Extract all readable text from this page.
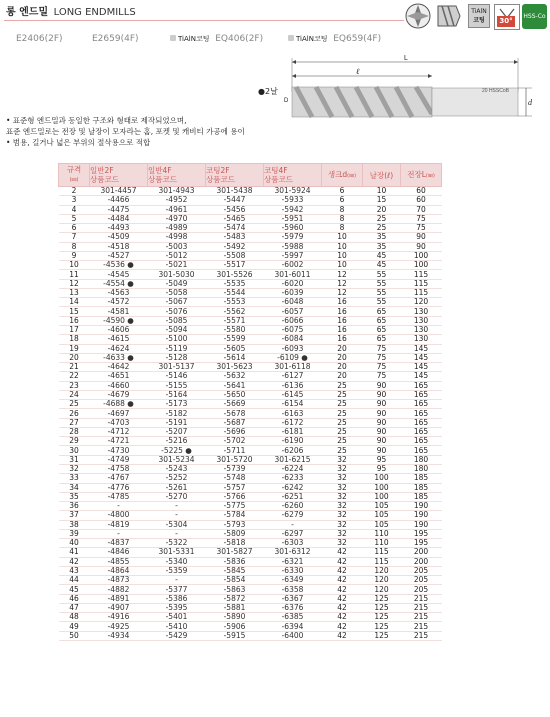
롱 엔드밀 LONG ENDMILLS	TiAlN
코팅	30°
HSS-Co
E2406(2F)	E2659(4F)	TiAlN코팅 EQ406(2F)	TiAlN코팅 EQ659(4F)
L
ℓ
20 HSSCoB
d
D
●2날
• 표준형 엔드밀과 동일한 구조와 형태로 제작되었으며,
표준 엔드밀로는 전장 및 날장이 모자라는 홈, 포켓 및 캐비티 가공에 용이
• 범용, 길거나 넓은 부위의 절삭용으로 적합
규격
(㎜)	일반2F
상품코드	일반4F
상품코드	코팅2F
상품코드	코팅4F
상품코드	생크d(㎜)	날장(ℓ)	전장L(㎜)
2	301-4457	301-4943	301-5438	301-5924	6	10	60
3	-4466	-4952	-5447	-5933	6	15	60
4	-4475	-4961	-5456	-5942	8	20	70
5	-4484	-4970	-5465	-5951	8	25	75
6	-4493	-4989	-5474	-5960	8	25	75
7	-4509	-4998	-5483	-5979	10	35	90
8	-4518	-5003	-5492	-5988	10	35	90
9	-4527	-5012	-5508	-5997	10	45	100
10	-4536 ●	-5021	-5517	-6002	10	45	100
11	-4545	301-5030	301-5526	301-6011	12	55	115
12	-4554 ●	-5049	-5535	-6020	12	55	115
13	-4563	-5058	-5544	-6039	12	55	115
14	-4572	-5067	-5553	-6048	16	55	120
15	-4581	-5076	-5562	-6057	16	65	130
16	-4590 ●	-5085	-5571	-6066	16	65	130
17	-4606	-5094	-5580	-6075	16	65	130
18	-4615	-5100	-5599	-6084	16	65	130
19	-4624	-5119	-5605	-6093	20	75	145
20	-4633 ●	-5128	-5614	-6109 ●	20	75	145
21	-4642	301-5137	301-5623	301-6118	20	75	145
22	-4651	-5146	-5632	-6127	20	75	145
23	-4660	-5155	-5641	-6136	25	90	165
24	-4679	-5164	-5650	-6145	25	90	165
25	-4688 ●	-5173	-5669	-6154	25	90	165
26	-4697	-5182	-5678	-6163	25	90	165
27	-4703	-5191	-5687	-6172	25	90	165
28	-4712	-5207	-5696	-6181	25	90	165
29	-4721	-5216	-5702	-6190	25	90	165
30	-4730	-5225 ●	-5711	-6206	25	90	165
31	-4749	301-5234	301-5720	301-6215	32	95	180
32	-4758	-5243	-5739	-6224	32	95	180
33	-4767	-5252	-5748	-6233	32	100	185
34	-4776	-5261	-5757	-6242	32	100	185
35	-4785	-5270	-5766	-6251	32	100	185
36	-	-	-5775	-6260	32	105	190
37	-4800	-	-5784	-6279	32	105	190
38	-4819	-5304	-5793	-	32	105	190
39	-	-	-5809	-6297	32	110	195
40	-4837	-5322	-5818	-6303	32	110	195
41	-4846	301-5331	301-5827	301-6312	42	115	200
42	-4855	-5340	-5836	-6321	42	115	200
43	-4864	-5359	-5845	-6330	42	120	205
44	-4873	-	-5854	-6349	42	120	205
45	-4882	-5377	-5863	-6358	42	120	205
46	-4891	-5386	-5872	-6367	42	125	215
47	-4907	-5395	-5881	-6376	42	125	215
48	-4916	-5401	-5890	-6385	42	125	215
49	-4925	-5410	-5906	-6394	42	125	215
50	-4934	-5429	-5915	-6400	42	125	215
